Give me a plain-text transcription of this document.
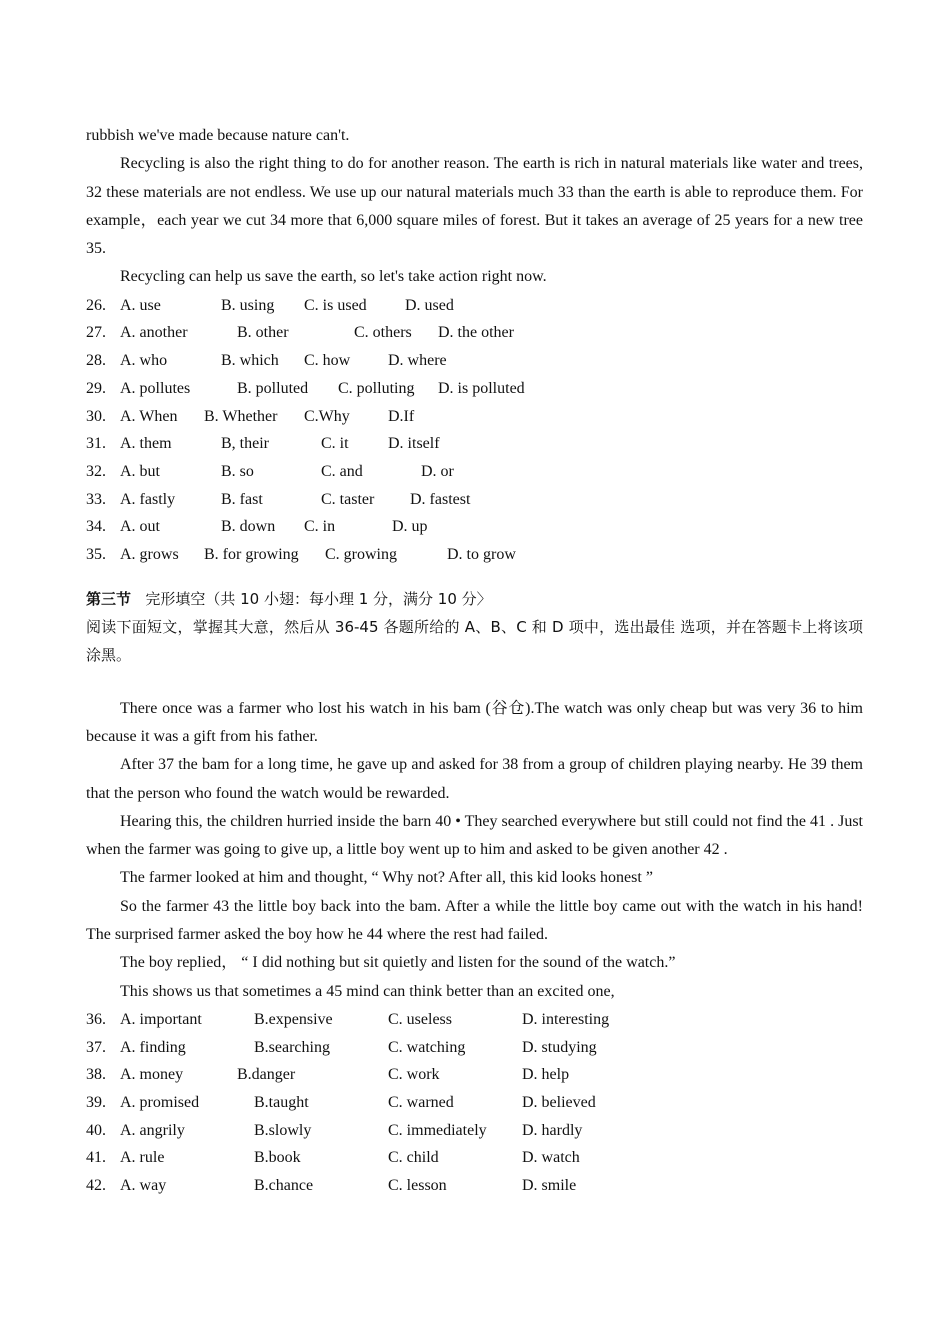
rubbish we've made because nature can't.

Recycling is also the right thing to do for another reason. The earth is rich in natural materials like water and trees, 32 these materials are not endless. We use up our natural materials much 33 than the earth is able to reproduce them. For example，each year we cut 34 more that 6,000 square miles of forest. But it takes an average of 25 years for a new tree 35.

Recycling can help us save the earth, so let's take action right now.

26. A. use	B. using C. is used D. used
27. A. another	B. other	C. others D. the other
28. A. who	B. which C. how D. where
29. A. pollutes	B. polluted C. polluting D. is polluted
30. A. When B. Whether C.Why D.If
31. A. them	B, their	C. it D. itself
32. A. but	B. so	C. and	D. or
33. A. fastly	B. fast	C. taster D. fastest
34. A. out	B. down C. in	D. up
35. A. grows B. for growing C. growing	D. to grow

第三节 完形填空（共 10 小翅：每小理 1 分，满分 10 分〉

阅读下面短文，掌握其大意，然后从 36-45 各题所给的 A、B、C 和 D 项中，选出最佳 选项，并在答题卡上将该项涂黑。

There once was a farmer who lost his watch in his bam (谷仓).The watch was only cheap but was very 36 to him because it was a gift from his father.

After 37 the bam for a long time, he gave up and asked for 38 from a group of children playing nearby. He 39 them that the person who found the watch would be rewarded.

Hearing this, the children hurried inside the barn 40 • They searched everywhere but still could not find the 41 . Just when the farmer was going to give up, a little boy went up to him and asked to be given another 42 .

The farmer looked at him and thought, “ Why not? After all, this kid looks honest ”

So the farmer 43 the little boy back into the bam. After a while the little boy came out with the watch in his hand! The surprised farmer asked the boy how he 44 where the rest had failed.

The boy replied， “ I did nothing but sit quietly and listen for the sound of the watch.”

This shows us that sometimes a 45 mind can think better than an excited one,

36. A. important	B.expensive	C. useless	D. interesting
37. A. finding	B.searching	C. watching	D. studying
38. A. money	B.danger	C. work	D. help
39. A. promised	B.taught	C. warned	D. believed
40. A. angrily	B.slowly	C. immediately D. hardly
41. A. rule	B.book	C. child	D. watch
42. A. way	B.chance	C. lesson	D. smile
